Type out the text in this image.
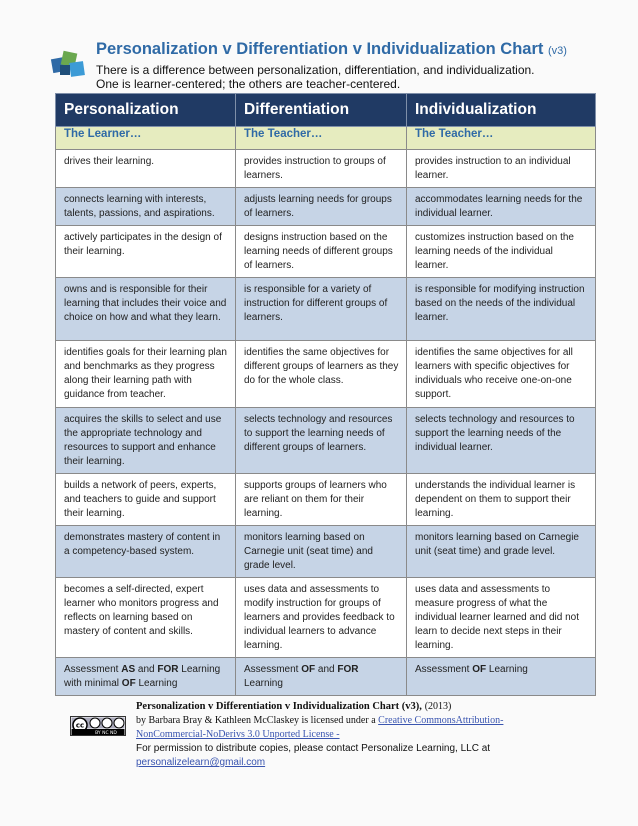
Personalization v Differentiation v Individualization Chart (v3)
There is a difference between personalization, differentiation, and individualization.
One is learner-centered; the others are teacher-centered.
Personalization	Differentiation	Individualization
The Learner…	The Teacher…	The Teacher…
drives their learning.	provides instruction to groups of learners.	provides instruction to an individual learner.
connects learning with interests, talents, passions, and aspirations.	adjusts learning needs for groups of learners.	accommodates learning needs for the individual learner.
actively participates in the design of their learning.	designs instruction based on the learning needs of different groups of learners.	customizes instruction based on the learning needs of the individual learner.
owns and is responsible for their learning that includes their voice and choice on how and what they learn.	is responsible for a variety of instruction for different groups of learners.	is responsible for modifying instruction based on the needs of the individual learner.
identifies goals for their learning plan and benchmarks as they progress along their learning path with guidance from teacher.	identifies the same objectives for different groups of learners as they do for the whole class.	identifies the same objectives for all learners with specific objectives for individuals who receive one-on-one support.
acquires the skills to select and use the appropriate technology and resources to support and enhance their learning.	selects technology and resources to support the learning needs of different groups of learners.	selects technology and resources to support the learning needs of the individual learner.
builds a network of peers, experts, and teachers to guide and support their learning.	supports groups of learners who are reliant on them for their learning.	understands the individual learner is dependent on them to support their learning.
demonstrates mastery of content in a competency-based system.	monitors learning based on Carnegie unit (seat time) and grade level.	monitors learning based on Carnegie unit (seat time) and grade level.
becomes a self-directed, expert learner who monitors progress and reflects on learning based on mastery of content and skills.	uses data and assessments to modify instruction for groups of learners and provides feedback to individual learners to advance learning.	uses data and assessments to measure progress of what the individual learner learned and did not learn to decide next steps in their learning.
Assessment AS and FOR Learning with minimal OF Learning	Assessment OF and FOR Learning	Assessment OF Learning
cc
BY NC ND
Personalization v Differentiation v Individualization Chart (v3), (2013)
by Barbara Bray & Kathleen McClaskey is licensed under a Creative CommonsAttribution- NonCommercial-NoDerivs 3.0 Unported License -
For permission to distribute copies, please contact Personalize Learning, LLC at
personalizelearn@gmail.com
